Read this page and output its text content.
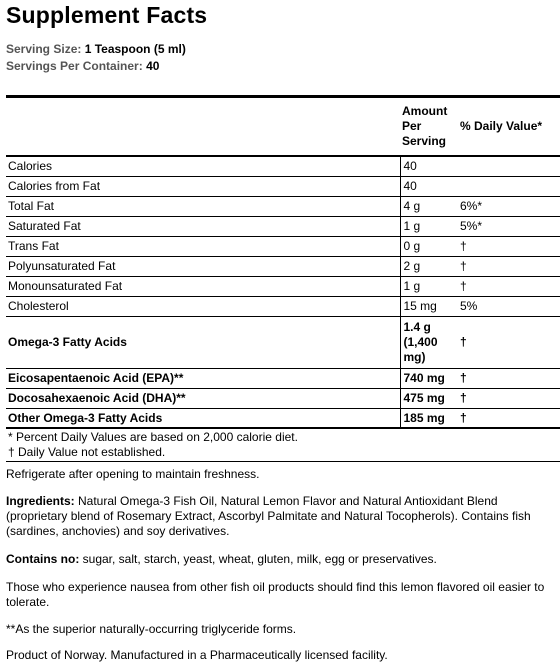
Supplement Facts
Serving Size: 1 Teaspoon (5 ml)
Servings Per Container: 40

	Amount
Per
Serving	% Daily Value*
Calories	40	
Calories from Fat	40	
Total Fat	4 g	6%*
Saturated Fat	1 g	5%*
Trans Fat	0 g	†
Polyunsaturated Fat	2 g	†
Monounsaturated Fat	1 g	†
Cholesterol	15 mg	5%
Omega-3 Fatty Acids	1.4 g
(1,400
mg)	†
Eicosapentaenoic Acid (EPA)**	740 mg	†
Docosahexaenoic Acid (DHA)**	475 mg	†
Other Omega-3 Fatty Acids	185 mg	†
* Percent Daily Values are based on 2,000 calorie diet.
† Daily Value not established.
Refrigerate after opening to maintain freshness.
Ingredients: Natural Omega-3 Fish Oil, Natural Lemon Flavor and Natural Antioxidant Blend (proprietary blend of Rosemary Extract, Ascorbyl Palmitate and Natural Tocopherols). Contains fish (sardines, anchovies) and soy derivatives.
Contains no: sugar, salt, starch, yeast, wheat, gluten, milk, egg or preservatives.
Those who experience nausea from other fish oil products should find this lemon flavored oil easier to tolerate.
**As the superior naturally-occurring triglyceride forms.
Product of Norway. Manufactured in a Pharmaceutically licensed facility.
